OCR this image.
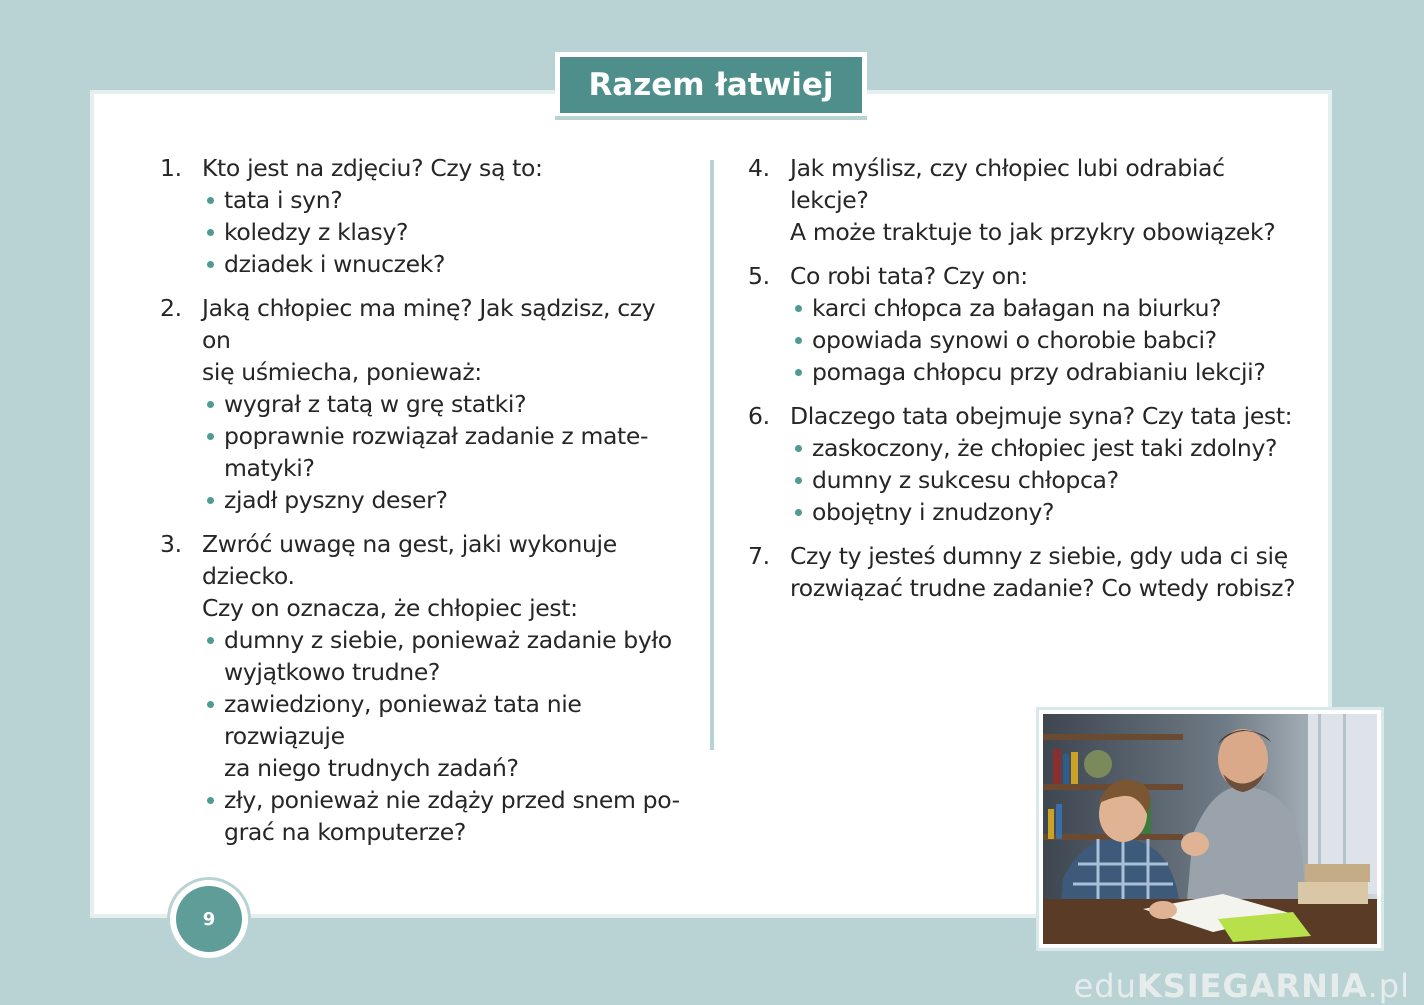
Razem łatwiej
1. Kto jest na zdjęciu? Czy są to:
tata i syn?
koledzy z klasy?
dziadek i wnuczek?
2. Jaką chłopiec ma minę? Jak sądzisz, czy on
się uśmiecha, ponieważ:
wygrał z tatą w grę statki?
poprawnie rozwiązał zadanie z mate-
matyki?
zjadł pyszny deser?
3. Zwróć uwagę na gest, jaki wykonuje dziecko.
Czy on oznacza, że chłopiec jest:
dumny z siebie, ponieważ zadanie było
wyjątkowo trudne?
zawiedziony, ponieważ tata nie rozwiązuje
za niego trudnych zadań?
zły, ponieważ nie zdąży przed snem po-
grać na komputerze?
4. Jak myślisz, czy chłopiec lubi odrabiać lekcje?
A może traktuje to jak przykry obowiązek?
5. Co robi tata? Czy on:
karci chłopca za bałagan na biurku?
opowiada synowi o chorobie babci?
pomaga chłopcu przy odrabianiu lekcji?
6. Dlaczego tata obejmuje syna? Czy tata jest:
zaskoczony, że chłopiec jest taki zdolny?
dumny z sukcesu chłopca?
obojętny i znudzony?
7. Czy ty jesteś dumny z siebie, gdy uda ci się
rozwiązać trudne zadanie? Co wtedy robisz?
9
eduKSIEGARNIA.pl
